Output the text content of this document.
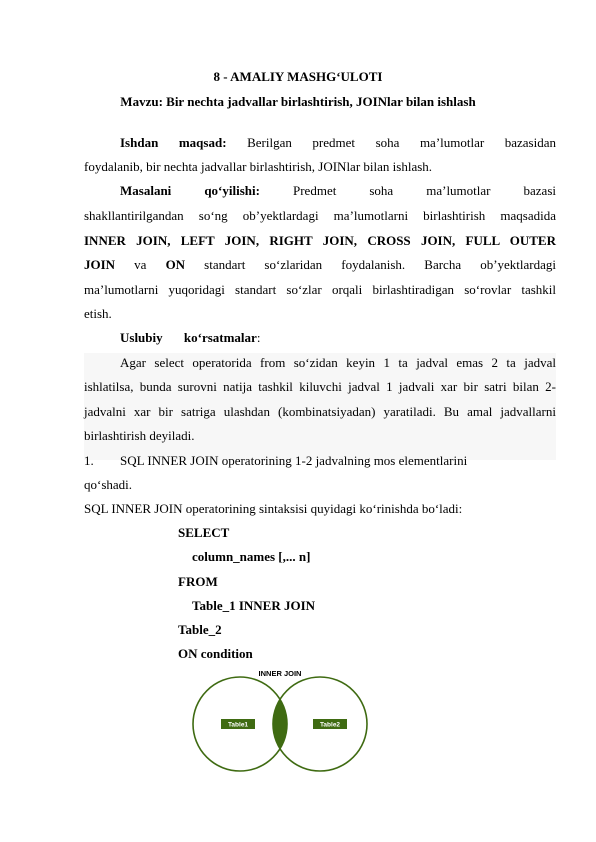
8 - AMALIY MASHG‘ULOTI
Mavzu: Bir nechta jadvallar birlashtirish, JOINlar bilan ishlash
Ishdan maqsad: Berilgan predmet soha ma’lumotlar bazasidan
foydalanib, bir nechta jadvallar birlashtirish, JOINlar bilan ishlash.
Masalani qo‘yilishi:	Predmet soha ma’lumotlar bazasi
shakllantirilgandan so‘ng ob’yektlardagi ma’lumotlarni birlashtirish maqsadida
INNER JOIN, LEFT JOIN, RIGHT JOIN, CROSS JOIN, FULL OUTER
JOIN va ON standart so‘zlaridan foydalanish. Barcha ob’yektlardagi
ma’lumotlarni yuqoridagi standart so‘zlar orqali birlashtiradigan so‘rovlar tashkil
etish.
Uslubiy ko‘rsatmalar:
Agar select operatorida from so‘zidan keyin 1 ta jadval emas 2 ta jadval
ishlatilsa, bunda surovni natija tashkil kiluvchi jadval 1 jadvali xar bir satri bilan 2-
jadvalni xar bir satriga ulashdan (kombinatsiyadan) yaratiladi. Bu amal jadvallarni
birlashtirish deyiladi.
1. SQL INNER JOIN operatorining 1-2 jadvalning mos elementlarini
qo‘shadi.
SQL INNER JOIN operatorining sintaksisi quyidagi ko‘rinishda bo‘ladi:
SELECT
column_names [,... n]
FROM
Table_1 INNER JOIN
Table_2
ON condition
INNER JOIN
Table1	Table2
